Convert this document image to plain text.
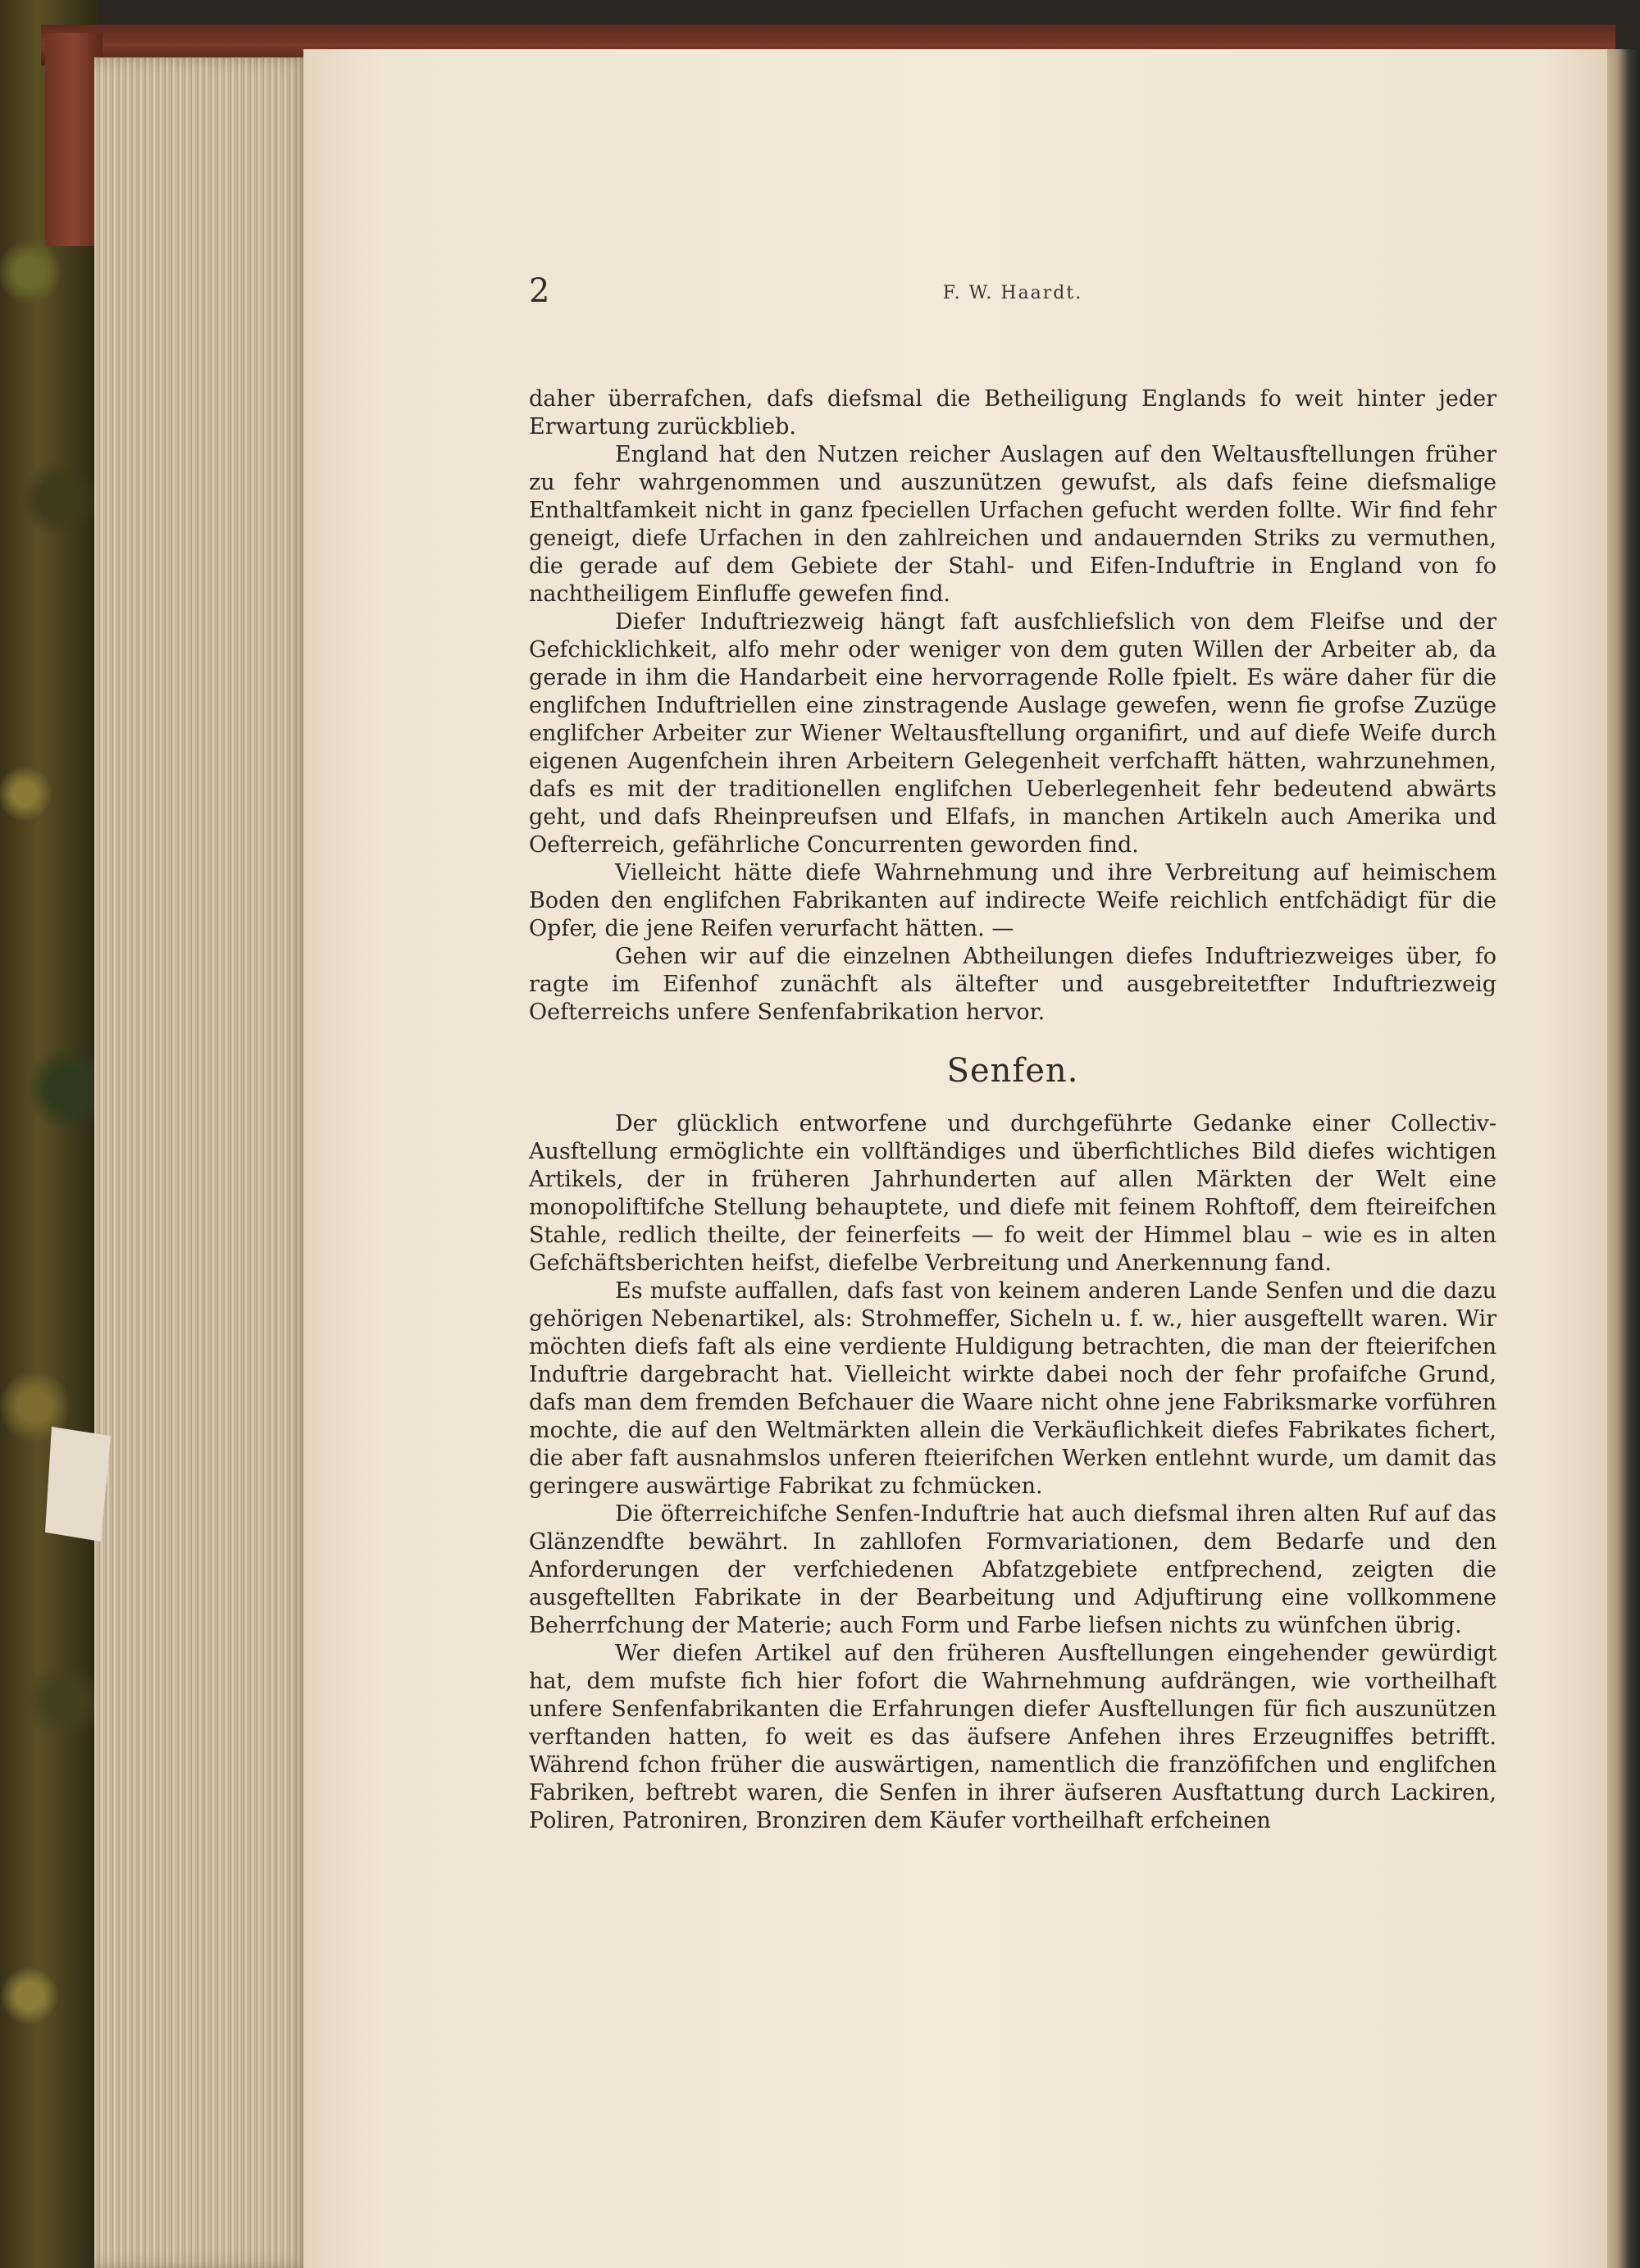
2	F. W. Haardt.

daher überrafchen, dafs diefsmal die Betheiligung Englands fo weit hinter jeder Erwartung zurückblieb.

England hat den Nutzen reicher Auslagen auf den Weltausftellungen früher zu fehr wahrgenommen und auszunützen gewufst, als dafs feine diefsmalige Enthaltfamkeit nicht in ganz fpeciellen Urfachen gefucht werden follte. Wir find fehr geneigt, diefe Urfachen in den zahlreichen und andauernden Striks zu vermuthen, die gerade auf dem Gebiete der Stahl- und Eifen-Induftrie in England von fo nachtheiligem Einfluffe gewefen find.

Diefer Induftriezweig hängt faft ausfchliefslich von dem Fleifse und der Gefchicklichkeit, alfo mehr oder weniger von dem guten Willen der Arbeiter ab, da gerade in ihm die Handarbeit eine hervorragende Rolle fpielt. Es wäre daher für die englifchen Induftriellen eine zinstragende Auslage gewefen, wenn fie grofse Zuzüge englifcher Arbeiter zur Wiener Weltausftellung organifirt, und auf diefe Weife durch eigenen Augenfchein ihren Arbeitern Gelegenheit verfchafft hätten, wahrzunehmen, dafs es mit der traditionellen englifchen Ueberlegenheit fehr bedeutend abwärts geht, und dafs Rheinpreufsen und Elfafs, in manchen Artikeln auch Amerika und Oefterreich, gefährliche Concurrenten geworden find.

Vielleicht hätte diefe Wahrnehmung und ihre Verbreitung auf heimischem Boden den englifchen Fabrikanten auf indirecte Weife reichlich entfchädigt für die Opfer, die jene Reifen verurfacht hätten. —

Gehen wir auf die einzelnen Abtheilungen diefes Induftriezweiges über, fo ragte im Eifenhof zunächft als ältefter und ausgebreitetfter Induftriezweig Oefterreichs unfere Senfenfabrikation hervor.

Senfen.

Der glücklich entworfene und durchgeführte Gedanke einer Collectiv-Ausftellung ermöglichte ein vollftändiges und überfichtliches Bild diefes wichtigen Artikels, der in früheren Jahrhunderten auf allen Märkten der Welt eine monopoliftifche Stellung behauptete, und diefe mit feinem Rohftoff, dem fteireifchen Stahle, redlich theilte, der feinerfeits — fo weit der Himmel blau – wie es in alten Gefchäftsberichten heifst, diefelbe Verbreitung und Anerkennung fand.

Es mufste auffallen, dafs fast von keinem anderen Lande Senfen und die dazu gehörigen Nebenartikel, als: Strohmeffer, Sicheln u. f. w., hier ausgeftellt waren. Wir möchten diefs faft als eine verdiente Huldigung betrachten, die man der fteierifchen Induftrie dargebracht hat. Vielleicht wirkte dabei noch der fehr profaifche Grund, dafs man dem fremden Befchauer die Waare nicht ohne jene Fabriksmarke vorführen mochte, die auf den Weltmärkten allein die Verkäuflichkeit diefes Fabrikates fichert, die aber faft ausnahmslos unferen fteierifchen Werken entlehnt wurde, um damit das geringere auswärtige Fabrikat zu fchmücken.

Die öfterreichifche Senfen-Induftrie hat auch diefsmal ihren alten Ruf auf das Glänzendfte bewährt. In zahllofen Formvariationen, dem Bedarfe und den Anforderungen der verfchiedenen Abfatzgebiete entfprechend, zeigten die ausgeftellten Fabrikate in der Bearbeitung und Adjuftirung eine vollkommene Beherrfchung der Materie; auch Form und Farbe liefsen nichts zu wünfchen übrig.

Wer diefen Artikel auf den früheren Ausftellungen eingehender gewürdigt hat, dem mufste fich hier fofort die Wahrnehmung aufdrängen, wie vortheilhaft unfere Senfenfabrikanten die Erfahrungen diefer Ausftellungen für fich auszunützen verftanden hatten, fo weit es das äufsere Anfehen ihres Erzeugniffes betrifft. Während fchon früher die auswärtigen, namentlich die franzöfifchen und englifchen Fabriken, beftrebt waren, die Senfen in ihrer äufseren Ausftattung durch Lackiren, Poliren, Patroniren, Bronziren dem Käufer vortheilhaft erfcheinen
